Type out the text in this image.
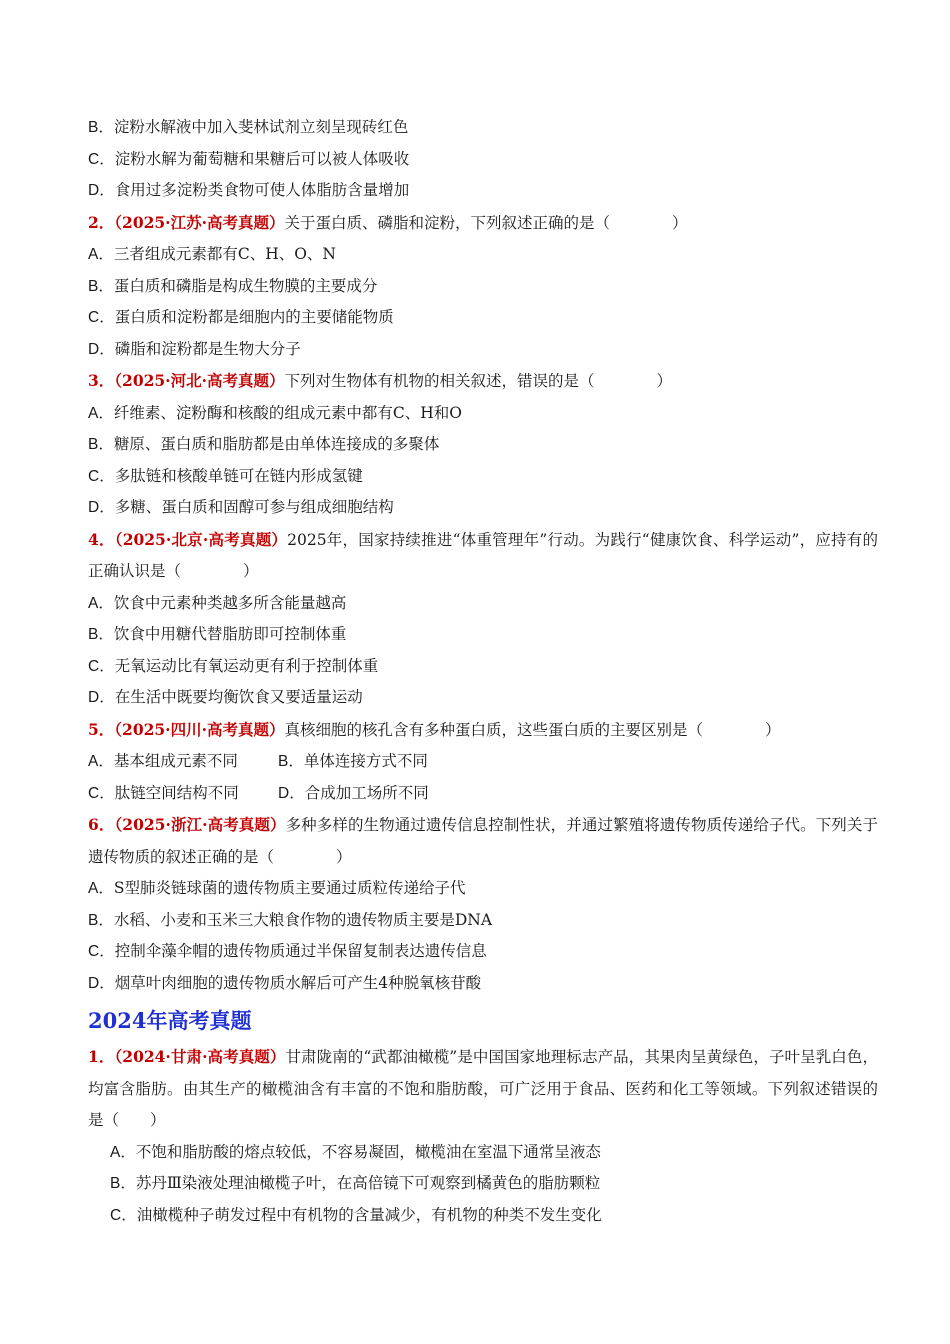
B．淀粉水解液中加入斐林试剂立刻呈现砖红色
C．淀粉水解为葡萄糖和果糖后可以被人体吸收
D．食用过多淀粉类食物可使人体脂肪含量增加
2．（2025·江苏·高考真题）关于蛋白质、磷脂和淀粉，下列叙述正确的是（　　　　）
A．三者组成元素都有C、H、O、N
B．蛋白质和磷脂是构成生物膜的主要成分
C．蛋白质和淀粉都是细胞内的主要储能物质
D．磷脂和淀粉都是生物大分子
3．（2025·河北·高考真题）下列对生物体有机物的相关叙述，错误的是（　　　　）
A．纤维素、淀粉酶和核酸的组成元素中都有C、H和O
B．糖原、蛋白质和脂肪都是由单体连接成的多聚体
C．多肽链和核酸单链可在链内形成氢键
D．多糖、蛋白质和固醇可参与组成细胞结构
4．（2025·北京·高考真题）2025年，国家持续推进“体重管理年”行动。为践行“健康饮食、科学运动”，应持有的正确认识是（　　　　）
A．饮食中元素种类越多所含能量越高
B．饮食中用糖代替脂肪即可控制体重
C．无氧运动比有氧运动更有利于控制体重
D．在生活中既要均衡饮食又要适量运动
5．（2025·四川·高考真题）真核细胞的核孔含有多种蛋白质，这些蛋白质的主要区别是（　　　　）
A．基本组成元素不同	B．单体连接方式不同
C．肽链空间结构不同	D．合成加工场所不同
6．（2025·浙江·高考真题）多种多样的生物通过遗传信息控制性状，并通过繁殖将遗传物质传递给子代。下列关于遗传物质的叙述正确的是（　　　　）
A．S型肺炎链球菌的遗传物质主要通过质粒传递给子代
B．水稻、小麦和玉米三大粮食作物的遗传物质主要是DNA
C．控制伞藻伞帽的遗传物质通过半保留复制表达遗传信息
D．烟草叶肉细胞的遗传物质水解后可产生4种脱氧核苷酸
2024年高考真题
1．（2024·甘肃·高考真题）甘肃陇南的“武都油橄榄”是中国国家地理标志产品，其果肉呈黄绿色，子叶呈乳白色，均富含脂肪。由其生产的橄榄油含有丰富的不饱和脂肪酸，可广泛用于食品、医药和化工等领域。下列叙述错误的是（　　）
A．不饱和脂肪酸的熔点较低，不容易凝固，橄榄油在室温下通常呈液态
B．苏丹Ⅲ染液处理油橄榄子叶，在高倍镜下可观察到橘黄色的脂肪颗粒
C．油橄榄种子萌发过程中有机物的含量减少，有机物的种类不发生变化
